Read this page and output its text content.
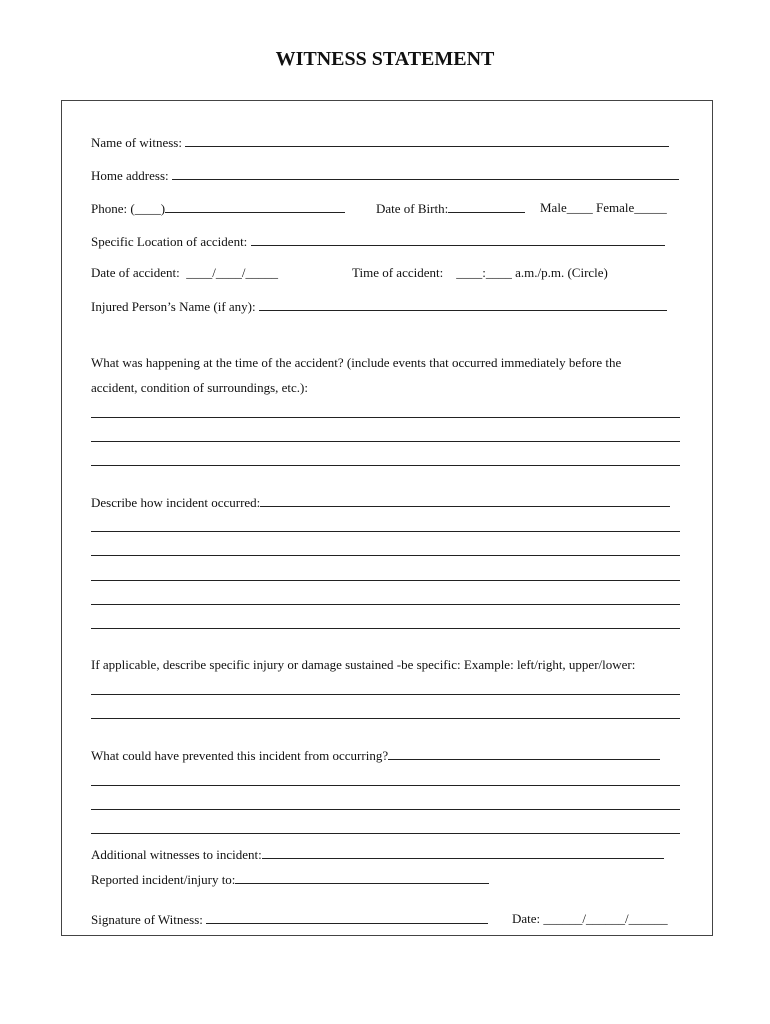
WITNESS STATEMENT
Name of witness:
Home address:
Phone: (____)	Date of Birth:	Male____ Female_____
Specific Location of accident:
Date of accident: ____/____/_____	Time of accident: ____:____ a.m./p.m. (Circle)
Injured Person’s Name (if any):
What was happening at the time of the accident? (include events that occurred immediately before the
accident, condition of surroundings, etc.):
Describe how incident occurred:
If applicable, describe specific injury or damage sustained -be specific: Example: left/right, upper/lower:
What could have prevented this incident from occurring?
Additional witnesses to incident:
Reported incident/injury to:
Signature of Witness:	Date: ______/______/______
